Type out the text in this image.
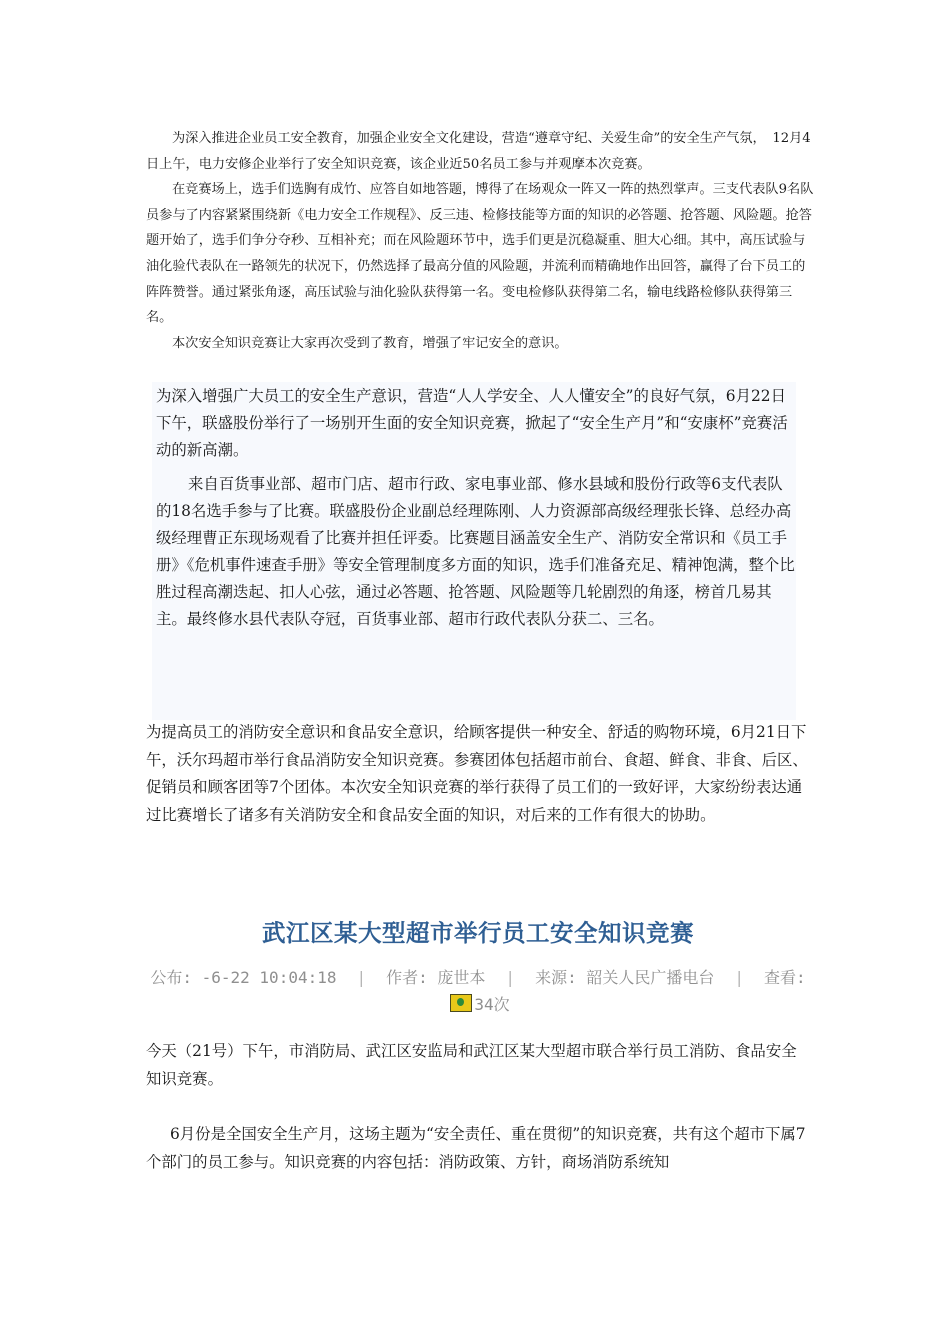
为深入推进企业员工安全教育，加强企业安全文化建设，营造“遵章守纪、关爱生命”的安全生产气氛，　12月4日上午，电力安修企业举行了安全知识竞赛，该企业近50名员工参与并观摩本次竞赛。

在竞赛场上，选手们选胸有成竹、应答自如地答题，博得了在场观众一阵又一阵的热烈掌声。三支代表队9名队员参与了内容紧紧围绕新《电力安全工作规程》、反三违、检修技能等方面的知识的必答题、抢答题、风险题。抢答题开始了，选手们争分夺秒、互相补充；而在风险题环节中，选手们更是沉稳凝重、胆大心细。其中，高压试验与油化验代表队在一路领先的状况下，仍然选择了最高分值的风险题，并流利而精确地作出回答，赢得了台下员工的阵阵赞誉。通过紧张角逐，高压试验与油化验队获得第一名。变电检修队获得第二名，输电线路检修队获得第三名。

本次安全知识竞赛让大家再次受到了教育，增强了牢记安全的意识。

为深入增强广大员工的安全生产意识，营造“人人学安全、人人懂安全”的良好气氛，6月22日下午，联盛股份举行了一场别开生面的安全知识竞赛，掀起了“安全生产月”和“安康杯”竞赛活动的新高潮。

来自百货事业部、超市门店、超市行政、家电事业部、修水县域和股份行政等6支代表队的18名选手参与了比赛。联盛股份企业副总经理陈刚、人力资源部高级经理张长锋、总经办高级经理曹正东现场观看了比赛并担任评委。比赛题目涵盖安全生产、消防安全常识和《员工手册》《危机事件速查手册》等安全管理制度多方面的知识，选手们准备充足、精神饱满，整个比胜过程高潮迭起、扣人心弦，通过必答题、抢答题、风险题等几轮剧烈的角逐，榜首几易其主。最终修水县代表队夺冠，百货事业部、超市行政代表队分获二、三名。

为提高员工的消防安全意识和食品安全意识，给顾客提供一种安全、舒适的购物环境，6月21日下午，沃尔玛超市举行食品消防安全知识竞赛。参赛团体包括超市前台、食超、鲜食、非食、后区、促销员和顾客团等7个团体。本次安全知识竞赛的举行获得了员工们的一致好评，大家纷纷表达通过比赛增长了诸多有关消防安全和食品安全面的知识，对后来的工作有很大的协助。

武江区某大型超市举行员工安全知识竞赛
公布: -6-22 10:04:18 | 作者: 庞世本 | 来源: 韶关人民广播电台 | 查看: 34次

今天（21号）下午，市消防局、武江区安监局和武江区某大型超市联合举行员工消防、食品安全知识竞赛。

6月份是全国安全生产月，这场主题为“安全责任、重在贯彻”的知识竞赛，共有这个超市下属7个部门的员工参与。知识竞赛的内容包括：消防政策、方针，商场消防系统知
